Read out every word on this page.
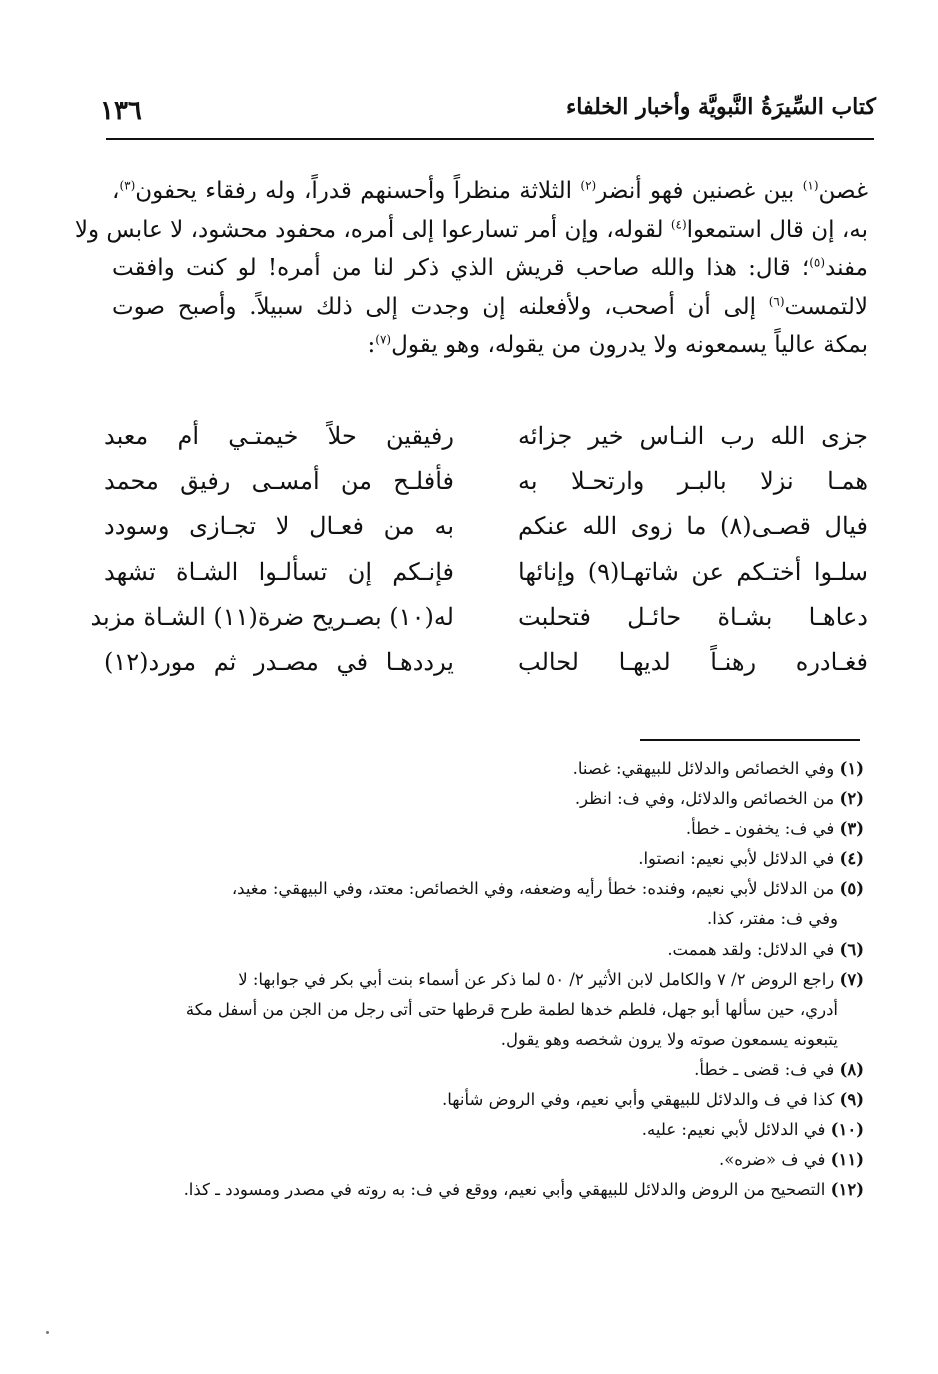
كتاب السِّيرَةُ النَّبويَّة وأخبار الخلفاء
١٣٦
غصن$^{(١)}$ بين غصنين فهو أنضر$^{(٢)}$ الثلاثة منظراً وأحسنهم قدراً، وله رفقاء يحفون$^{(٣)}$،
به، إن قال استمعوا$^{(٤)}$ لقوله، وإن أمر تسارعوا إلى أمره، محفود محشود، لا عابس ولا
مفند$^{(٥)}$؛ قال: هذا والله صاحب قريش الذي ذكر لنا من أمره! لو كنت وافقت
لالتمست$^{(٦)}$ إلى أن أصحب، ولأفعلنه إن وجدت إلى ذلك سبيلاً. وأصبح صوت
بمكة عالياً يسمعونه ولا يدرون من يقوله، وهو يقول$^{(٧)}$:
جزى الله رب النـاس خير جزائه
رفيقين حلاً خيمتـي أم معبد
همـا نزلا بالبـر وارتحـلا به
فأفلـح من أمسـى رفيق محمد
فيال قصـى(٨) ما زوى الله عنكم
به من فعـال لا تجـازى وسودد
سلـوا أختـكم عن شاتهـا(٩) وإنائها
فإنـكم إن تسألـوا الشـاة تشهد
دعاهـا بشـاة حائـل فتحلبت
له(١٠) بصـريح ضرة(١١) الشـاة مزبد
فغـادره رهنـاً لديهـا لحالب
يرددهـا في مصـدر ثم مورد(١٢)
(١) وفي الخصائص والدلائل للبيهقي: غصنا.
(٢) من الخصائص والدلائل، وفي ف: انظر.
(٣) في ف: يخفون ـ خطأ.
(٤) في الدلائل لأبي نعيم: انصتوا.
(٥) من الدلائل لأبي نعيم، وفنده: خطأ رأيه وضعفه، وفي الخصائص: معتد، وفي البيهقي: مغيد،
وفي ف: مفتر، كذا.
(٦) في الدلائل: ولقد هممت.
(٧) راجع الروض ٢/ ٧ والكامل لابن الأثير ٢/ ٥٠ لما ذكر عن أسماء بنت أبي بكر في جوابها: لا
أدري، حين سألها أبو جهل، فلطم خدها لطمة طرح قرطها حتى أتى رجل من الجن من أسفل مكة
يتبعونه يسمعون صوته ولا يرون شخصه وهو يقول.
(٨) في ف: قضى ـ خطأ.
(٩) كذا في ف والدلائل للبيهقي وأبي نعيم، وفي الروض شأنها.
(١٠) في الدلائل لأبي نعيم: عليه.
(١١) في ف «ضره».
(١٢) التصحيح من الروض والدلائل للبيهقي وأبي نعيم، ووقع في ف: به روته في مصدر ومسودد ـ كذا.
